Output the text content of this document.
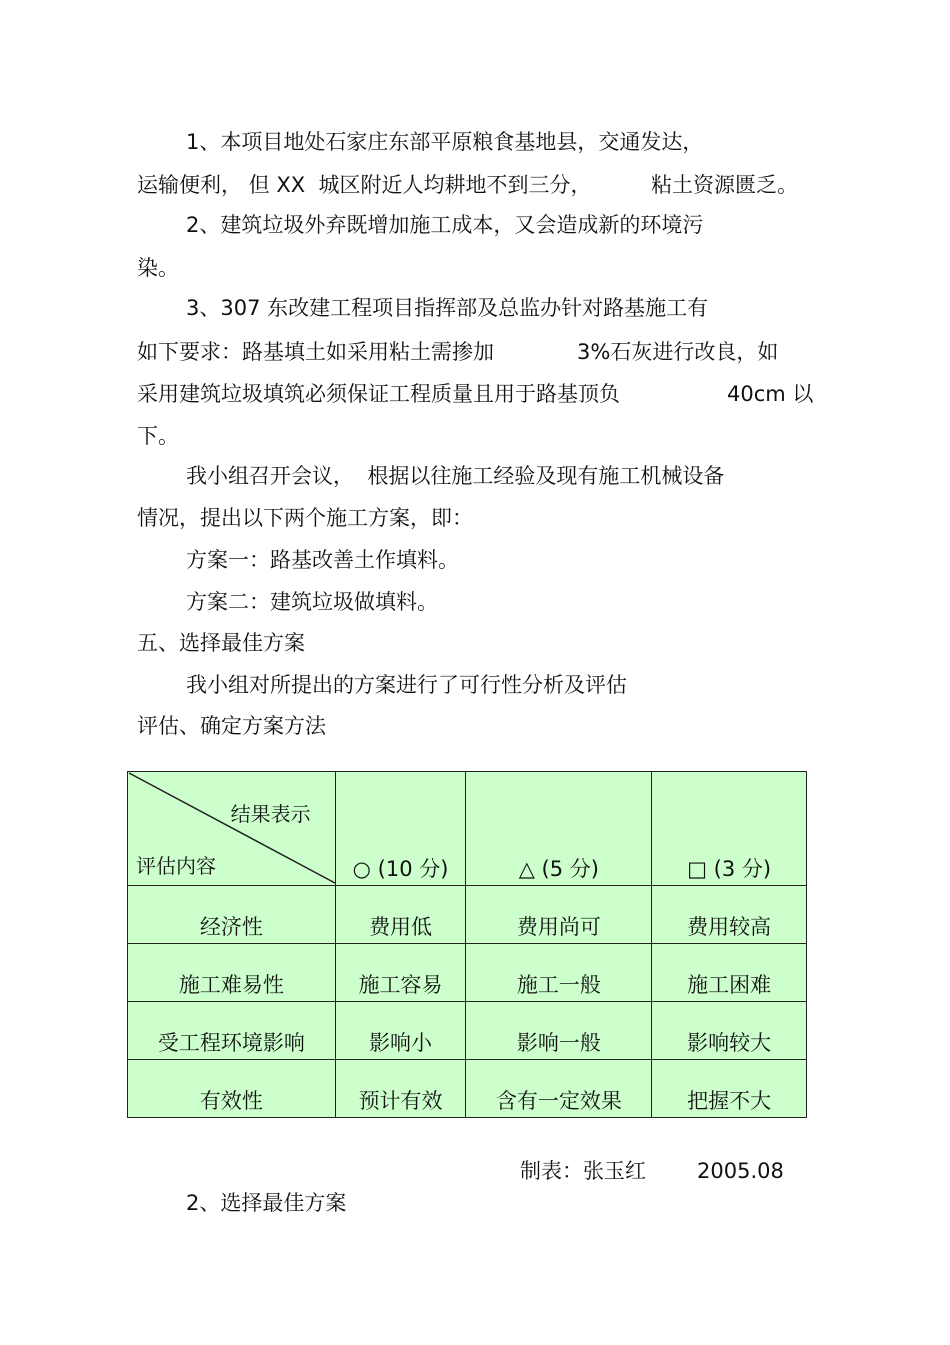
1、本项目地处石家庄东部平原粮食基地县，交通发达，
运输便利， 但 XX  城区附近人均耕地不到三分，	粘土资源匮乏。
2、建筑垃圾外弃既增加施工成本，又会造成新的环境污
染。
3、307 东改建工程项目指挥部及总监办针对路基施工有
如下要求：路基填土如采用粘土需掺加	3%石灰进行改良，如
采用建筑垃圾填筑必须保证工程质量且用于路基顶负	40cm 以
下。
我小组召开会议，  根据以往施工经验及现有施工机械设备
情况，提出以下两个施工方案，即：
方案一：路基改善土作填料。
方案二：建筑垃圾做填料。
五、选择最佳方案
我小组对所提出的方案进行了可行性分析及评估
评估、确定方案方法
结果表示
评估内容	○ (10 分)	△ (5 分)	□ (3 分)
经济性	费用低	费用尚可	费用较高
施工难易性	施工容易	施工一般	施工困难
受工程环境影响	影响小	影响一般	影响较大
有效性	预计有效	含有一定效果	把握不大
制表：张玉红 2005.08
2、选择最佳方案
